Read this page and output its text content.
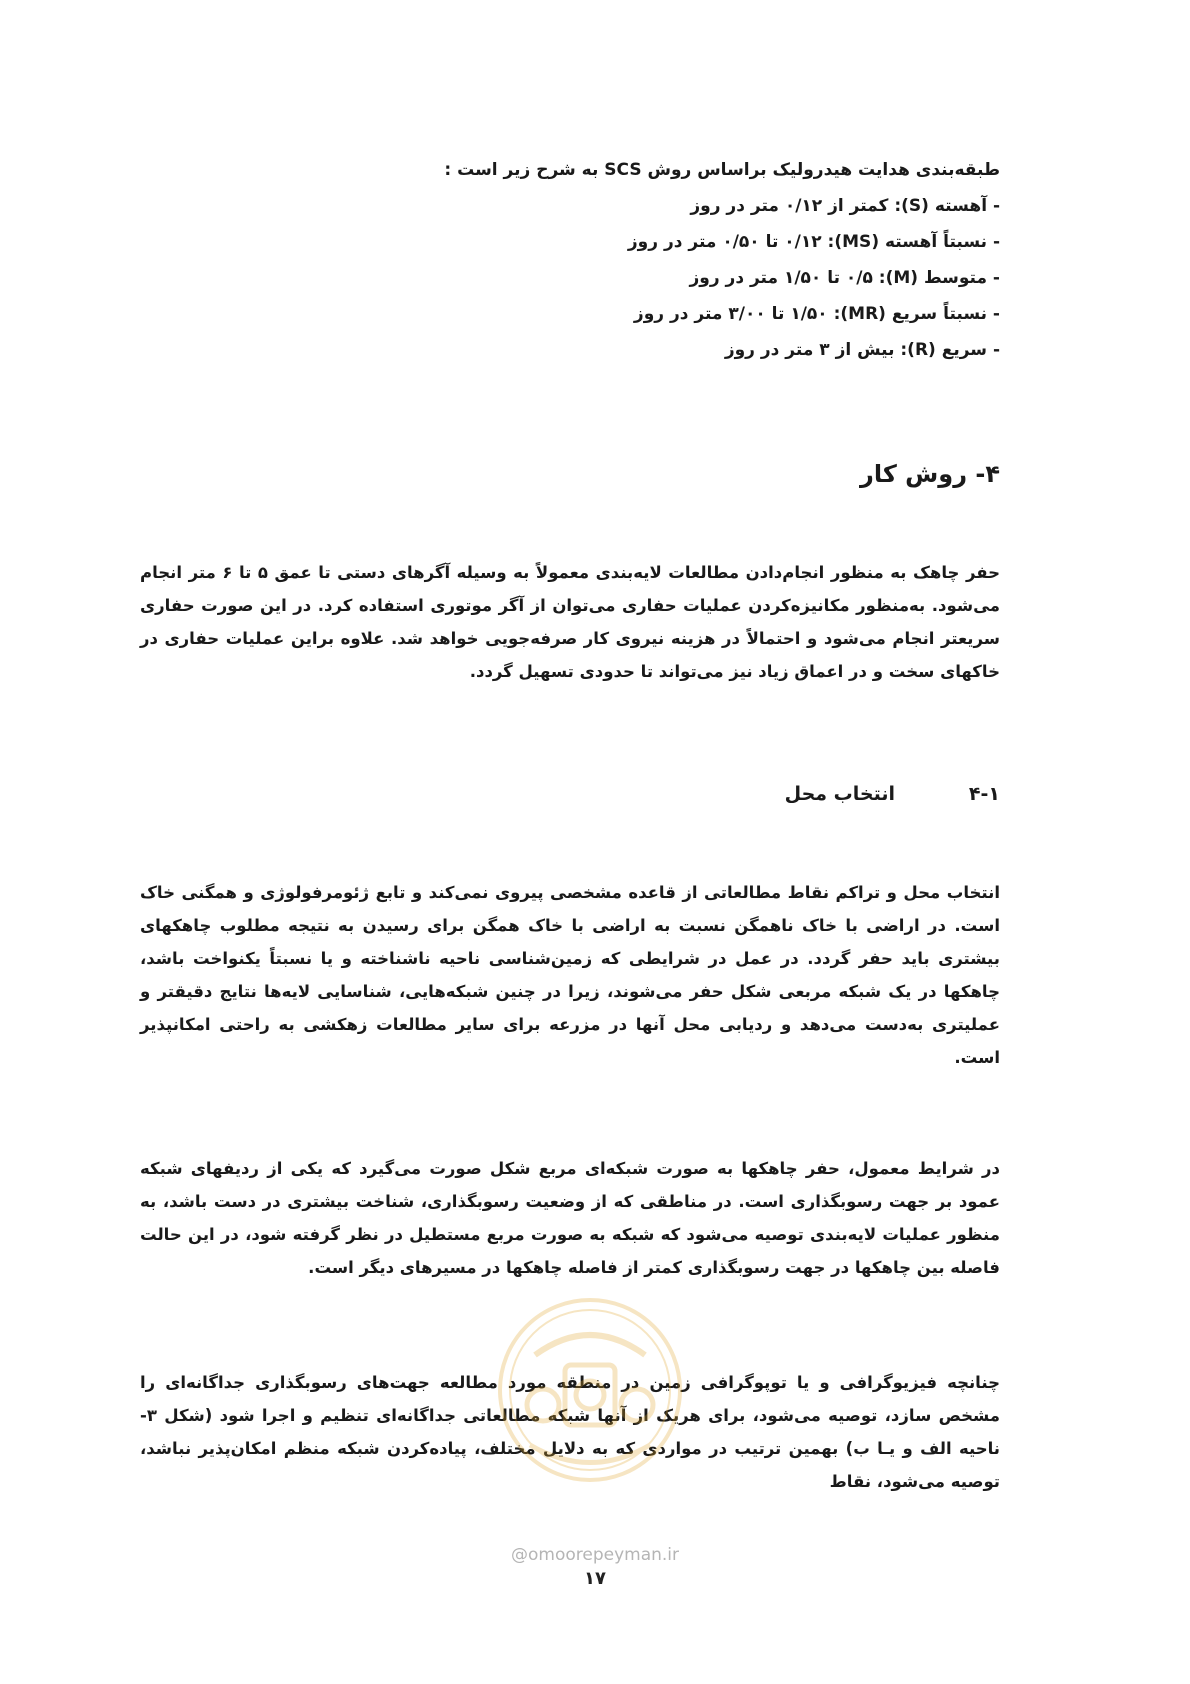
طبقه‌بندی هدایت هیدرولیک براساس روش SCS به شرح زیر است :
- آهسته (S): کمتر از ۰/۱۲ متر در روز
- نسبتاً آهسته (MS): ۰/۱۲ تا ۰/۵۰ متر در روز
- متوسط (M): ۰/۵ تا ۱/۵۰ متر در روز
- نسبتاً سریع (MR): ۱/۵۰ تا ۳/۰۰ متر در روز
- سریع (R): بیش از ۳ متر در روز
۴- روش کار

حفر چاهک به منظور انجام‌دادن مطالعات لایه‌بندی معمولاً به وسیله آگرهای دستی تا عمق ۵ تا ۶ متر انجام می‌شود. به‌منظور مکانیزه‌کردن عملیات حفاری می‌توان از آگر موتوری استفاده کرد. در این صورت حفاری سریعتر انجام می‌شود و احتمالاً در هزینه نیروی کار صرفه‌جویی خواهد شد. علاوه براین عملیات حفاری در خاکهای سخت و در اعماق زیاد نیز می‌تواند تا حدودی تسهیل گردد.

۴-۱انتخاب محل

انتخاب محل و تراکم نقاط مطالعاتی از قاعده مشخصی پیروی نمی‌کند و تابع ژئومرفولوژی و همگنی خاک است. در اراضی با خاک ناهمگن نسبت به اراضی با خاک همگن برای رسیدن به نتیجه مطلوب چاهکهای بیشتری باید حفر گردد. در عمل در شرایطی که زمین‌شناسی ناحیه ناشناخته و یا نسبتاً یکنواخت باشد، چاهکها در یک شبکه مربعی شکل حفر می‌شوند، زیرا در چنین شبکه‌هایی، شناسایی لایه‌ها نتایج دقیقتر و عملیتری به‌دست می‌دهد و ردیابی محل آنها در مزرعه برای سایر مطالعات زهکشی به راحتی امکانپذیر است.

در شرایط معمول، حفر چاهکها به صورت شبکه‌ای مربع شکل صورت می‌گیرد که یکی از ردیفهای شبکه عمود بر جهت رسوبگذاری است. در مناطقی که از وضعیت رسوبگذاری، شناخت بیشتری در دست باشد، به منظور عملیات لایه‌بندی توصیه می‌شود که شبکه به صورت مربع مستطیل در نظر گرفته شود، در این حالت فاصله بین چاهکها در جهت رسوبگذاری کمتر از فاصله چاهکها در مسیرهای دیگر است.

چنانچه فیزیوگرافی و یا توپوگرافی زمین در منطقه مورد مطالعه جهت‌های رسوبگذاری جداگانه‌ای را مشخص سازد، توصیه می‌شود، برای هریک از آنها شبکه مطالعاتی جداگانه‌ای تنظیم و اجرا شود (شکل ۳- ناحیه الف و یـا ب) بهمین ترتیب در مواردی که به دلایل مختلف، پیاده‌کردن شبکه منظم امکان‌پذیر نباشد، توصیه می‌شود، نقاط

@omoorepeyman.ir
۱۷
